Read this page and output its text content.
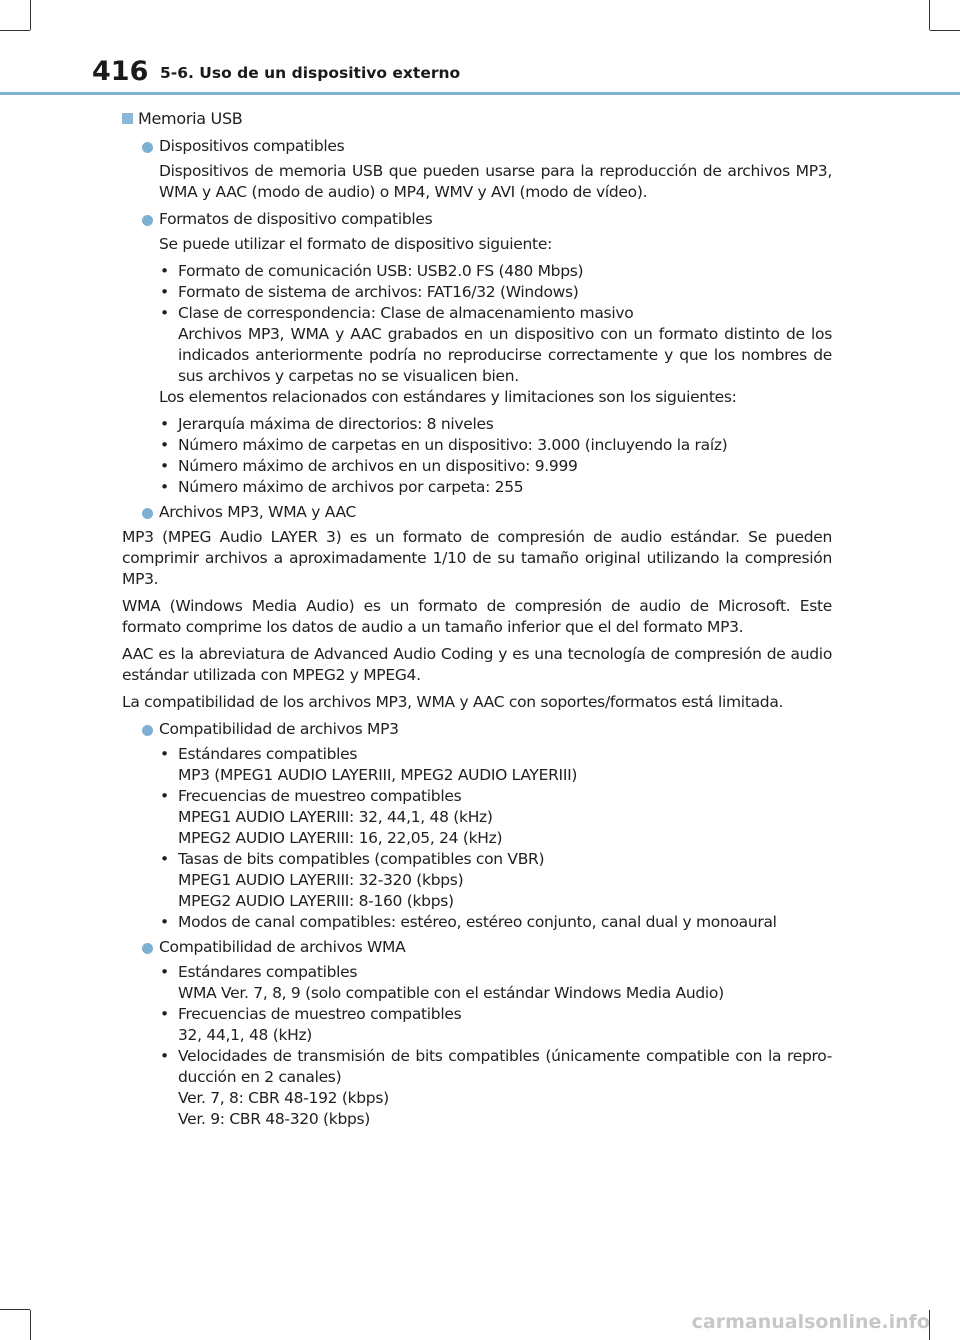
416 5-6. Uso de un dispositivo externo
Memoria USB
Dispositivos compatibles
Dispositivos de memoria USB que pueden usarse para la reproducción de archivos MP3, WMA y AAC (modo de audio) o MP4, WMV y AVI (modo de vídeo).
Formatos de dispositivo compatibles
Se puede utilizar el formato de dispositivo siguiente:
• Formato de comunicación USB: USB2.0 FS (480 Mbps)
• Formato de sistema de archivos: FAT16/32 (Windows)
• Clase de correspondencia: Clase de almacenamiento masivo
Archivos MP3, WMA y AAC grabados en un dispositivo con un formato distinto de los indicados anteriormente podría no reproducirse correctamente y que los nombres de sus archivos y carpetas no se visualicen bien.
Los elementos relacionados con estándares y limitaciones son los siguientes:
• Jerarquía máxima de directorios: 8 niveles
• Número máximo de carpetas en un dispositivo: 3.000 (incluyendo la raíz)
• Número máximo de archivos en un dispositivo: 9.999
• Número máximo de archivos por carpeta: 255
Archivos MP3, WMA y AAC
MP3 (MPEG Audio LAYER 3) es un formato de compresión de audio estándar. Se pueden comprimir archivos a aproximadamente 1/10 de su tamaño original utilizando la compresión MP3.
WMA (Windows Media Audio) es un formato de compresión de audio de Microsoft. Este formato comprime los datos de audio a un tamaño inferior que el del formato MP3.
AAC es la abreviatura de Advanced Audio Coding y es una tecnología de compresión de audio estándar utilizada con MPEG2 y MPEG4.
La compatibilidad de los archivos MP3, WMA y AAC con soportes/formatos está limitada.
Compatibilidad de archivos MP3
• Estándares compatibles
MP3 (MPEG1 AUDIO LAYERIII, MPEG2 AUDIO LAYERIII)
• Frecuencias de muestreo compatibles
MPEG1 AUDIO LAYERIII: 32, 44,1, 48 (kHz)
MPEG2 AUDIO LAYERIII: 16, 22,05, 24 (kHz)
• Tasas de bits compatibles (compatibles con VBR)
MPEG1 AUDIO LAYERIII: 32-320 (kbps)
MPEG2 AUDIO LAYERIII: 8-160 (kbps)
• Modos de canal compatibles: estéreo, estéreo conjunto, canal dual y monoaural
Compatibilidad de archivos WMA
• Estándares compatibles
WMA Ver. 7, 8, 9 (solo compatible con el estándar Windows Media Audio)
• Frecuencias de muestreo compatibles
32, 44,1, 48 (kHz)
• Velocidades de transmisión de bits compatibles (únicamente compatible con la repro-ducción en 2 canales)
Ver. 7, 8: CBR 48-192 (kbps)
Ver. 9: CBR 48-320 (kbps)
carmanualsonline.info
